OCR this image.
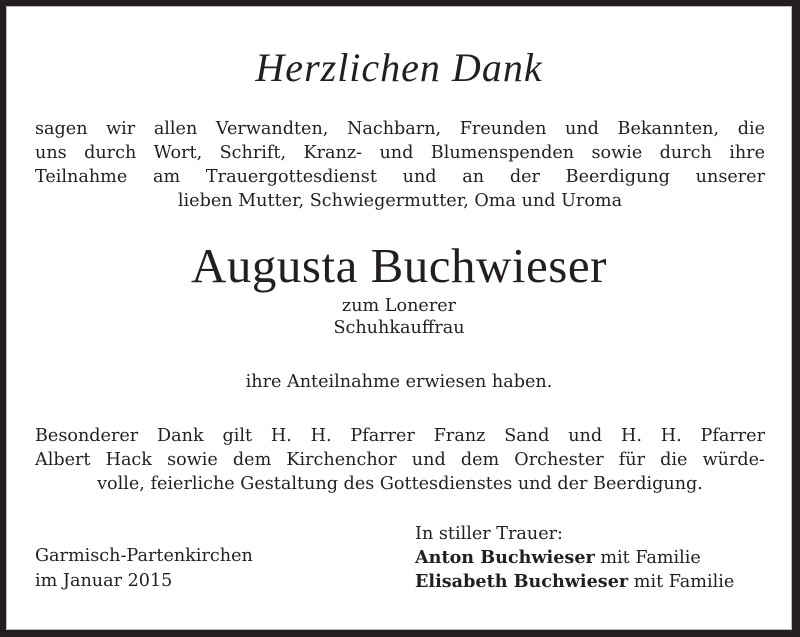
Herzlichen Dank
sagen wir allen Verwandten, Nachbarn, Freunden und Bekannten, die
uns durch Wort, Schrift, Kranz- und Blumenspenden sowie durch ihre
Teilnahme am Trauergottesdienst und an der Beerdigung unserer
lieben Mutter, Schwiegermutter, Oma und Uroma
Augusta Buchwieser
zum Lonerer
Schuhkauffrau
ihre Anteilnahme erwiesen haben.
Besonderer Dank gilt H. H. Pfarrer Franz Sand und H. H. Pfarrer
Albert Hack sowie dem Kirchenchor und dem Orchester für die würde-
volle, feierliche Gestaltung des Gottesdienstes und der Beerdigung.
Garmisch-Partenkirchen
im Januar 2015
In stiller Trauer:
Anton Buchwieser mit Familie
Elisabeth Buchwieser mit Familie
